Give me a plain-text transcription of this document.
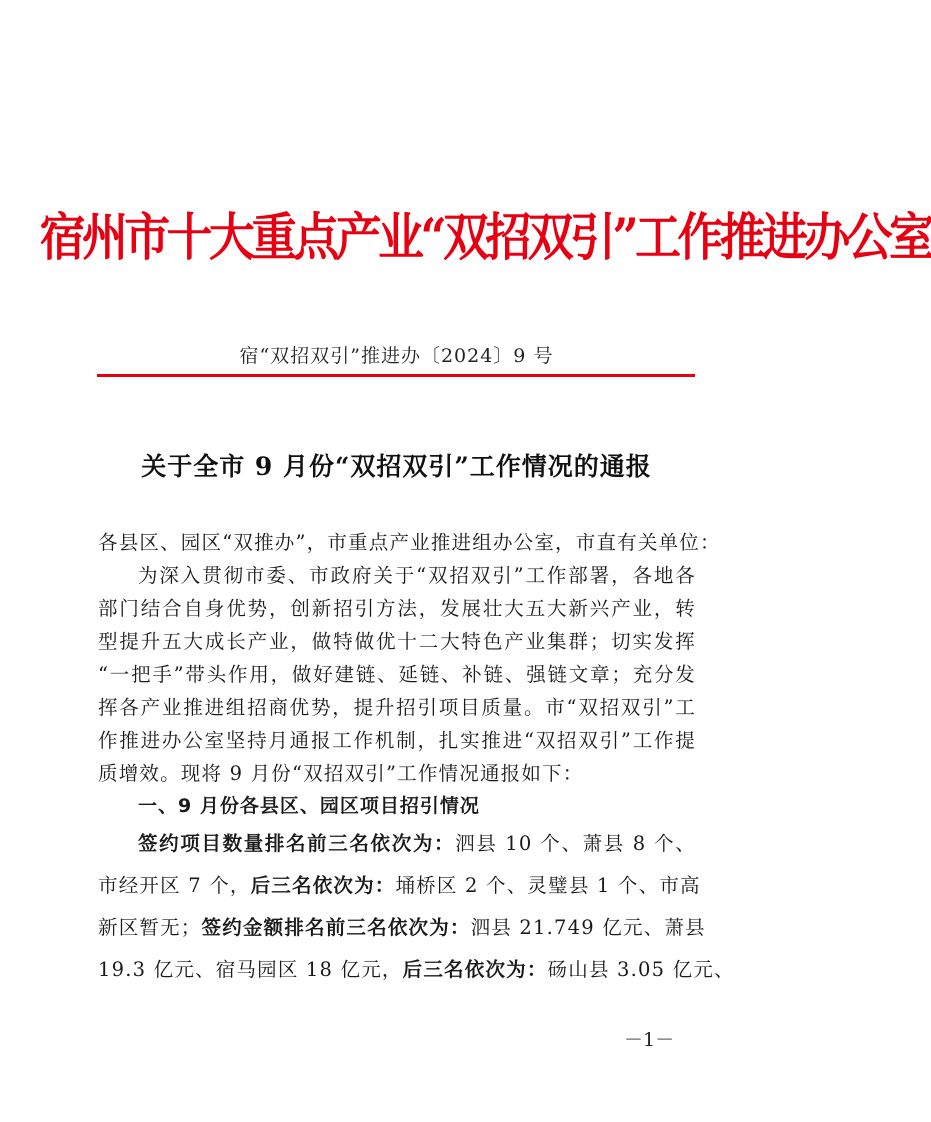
宿州市十大重点产业“双招双引”工作推进办公室
宿“双招双引”推进办〔2024〕9 号
关于全市 9 月份“双招双引”工作情况的通报
各县区、园区“双推办”，市重点产业推进组办公室，市直有关单位：
为深入贯彻市委、市政府关于“双招双引”工作部署，各地各
部门结合自身优势，创新招引方法，发展壮大五大新兴产业，转
型提升五大成长产业，做特做优十二大特色产业集群；切实发挥
“一把手”带头作用，做好建链、延链、补链、强链文章；充分发
挥各产业推进组招商优势，提升招引项目质量。市“双招双引”工
作推进办公室坚持月通报工作机制，扎实推进“双招双引”工作提
质增效。现将 9 月份“双招双引”工作情况通报如下：
一、9 月份各县区、园区项目招引情况
签约项目数量排名前三名依次为：泗县 10 个、萧县 8 个、
市经开区 7 个，后三名依次为：埇桥区 2 个、灵璧县 1 个、市高
新区暂无；签约金额排名前三名依次为：泗县 21.749 亿元、萧县
19.3 亿元、宿马园区 18 亿元，后三名依次为：砀山县 3.05 亿元、
－1－
